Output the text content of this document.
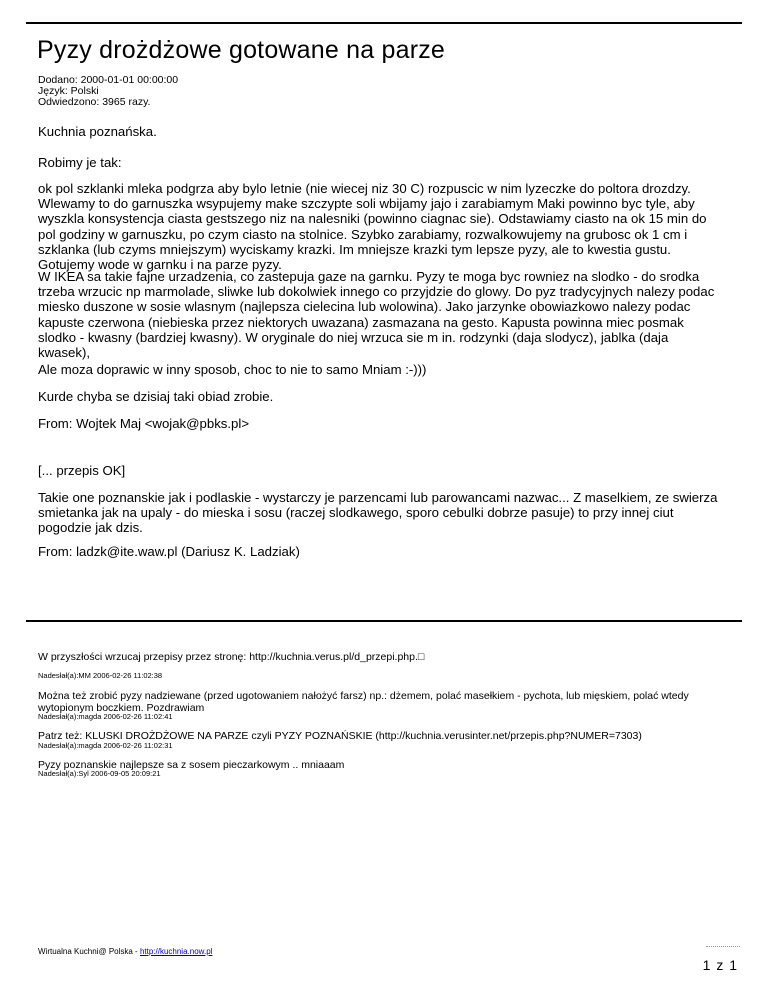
Pyzy drożdżowe gotowane na parze
Dodano: 2000-01-01 00:00:00
Język: Polski
Odwiedzono: 3965 razy.

Kuchnia poznańska.

Robimy je tak:

ok pol szklanki mleka podgrza aby bylo letnie (nie wiecej niz 30 C) rozpuscic w nim lyzeczke do poltora drozdzy. Wlewamy to do garnuszka wsypujemy make szczypte soli wbijamy jajo i zarabiamym Maki powinno byc tyle, aby wyszkla konsystencja ciasta gestszego niz na nalesniki (powinno ciagnac sie). Odstawiamy ciasto na ok 15 min do pol godziny w garnuszku, po czym ciasto na stolnice. Szybko zarabiamy, rozwalkowujemy na grubosc ok 1 cm i szklanka (lub czyms mniejszym) wyciskamy krazki. Im mniejsze krazki tym lepsze pyzy, ale to kwestia gustu. Gotujemy wode w garnku i na parze pyzy.

W IKEA sa takie fajne urzadzenia, co zastepuja gaze na garnku. Pyzy te moga byc rowniez na slodko - do srodka trzeba wrzucic np marmolade, sliwke lub dokolwiek innego co przyjdzie do glowy. Do pyz tradycyjnych nalezy podac miesko duszone w sosie wlasnym (najlepsza cielecina lub wolowina). Jako jarzynke obowiazkowo nalezy podac kapuste czerwona (niebieska przez niektorych uwazana) zasmazana na gesto. Kapusta powinna miec posmak slodko - kwasny (bardziej kwasny). W oryginale do niej wrzuca sie m in. rodzynki (daja slodycz), jablka (daja kwasek),

Ale moza doprawic w inny sposob, choc to nie to samo Mniam :-)))

Kurde chyba se dzisiaj taki obiad zrobie.

From: Wojtek Maj <wojak@pbks.pl>

[... przepis OK]

Takie one poznanskie jak i podlaskie - wystarczy je parzencami lub parowancami nazwac... Z maselkiem, ze swierza smietanka jak na upaly - do mieska i sosu (raczej slodkawego, sporo cebulki dobrze pasuje) to przy innej ciut pogodzie jak dzis.

From: ladzk@ite.waw.pl (Dariusz K. Ladziak)

W przyszłości wrzucaj przepisy przez stronę: http://kuchnia.verus.pl/d_przepi.php.□

Nadesłał(a):MM 2006-02-26 11:02:38

Można też zrobić pyzy nadziewane (przed ugotowaniem nałożyć farsz) np.: dżemem, polać masełkiem - pychota, lub mięskiem, polać wtedy wytopionym boczkiem. Pozdrawiam

Nadesłał(a):magda 2006-02-26 11:02:41

Patrz też: KLUSKI DROŻDŻOWE NA PARZE czyli PYZY POZNAŃSKIE (http://kuchnia.verusinter.net/przepis.php?NUMER=7303)

Nadesłał(a):magda 2006-02-26 11:02:31

Pyzy poznanskie najlepsze sa z sosem pieczarkowym .. mniaaam

Nadesłał(a):Syl 2006-09-05 20:09:21
Wirtualna Kuchni@ Polska - http://kuchnia.now.pl
1 z 1
